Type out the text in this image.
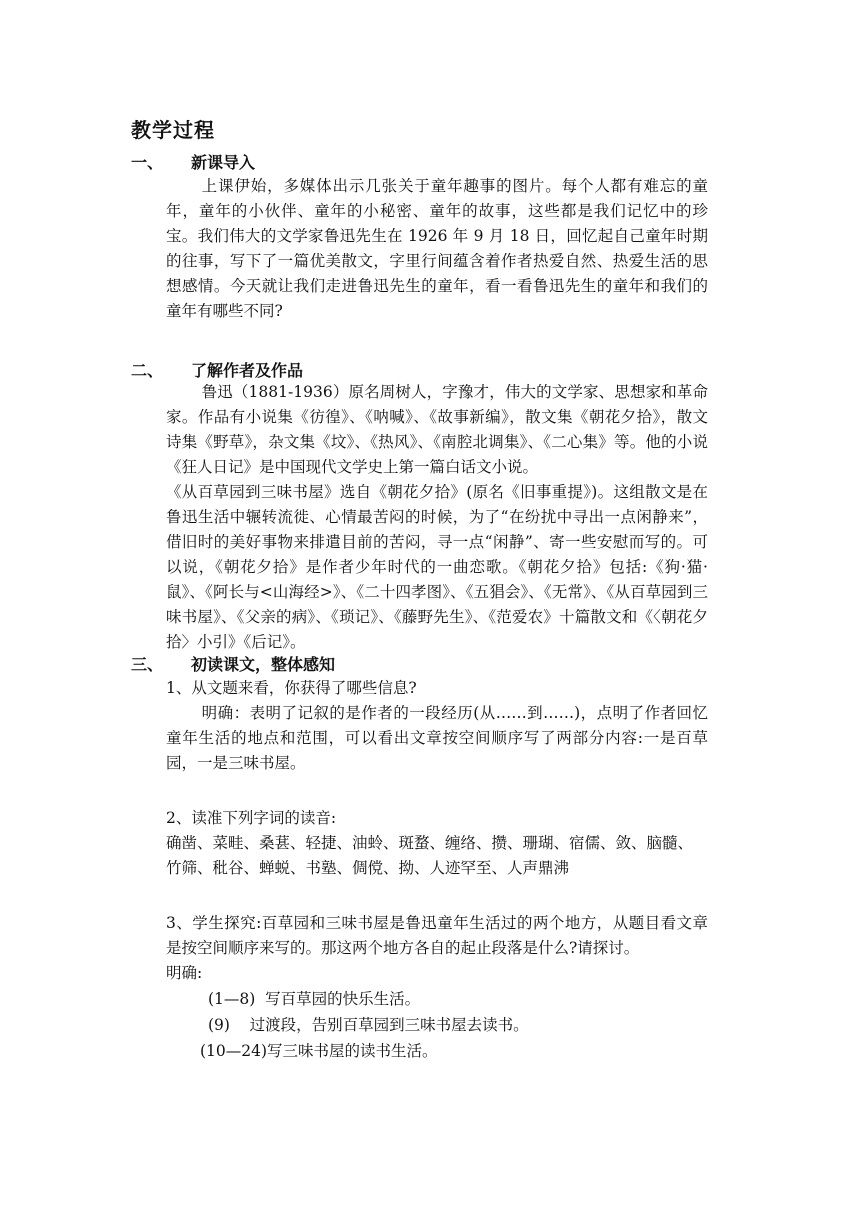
教学过程
一、 新课导入
上课伊始，多媒体出示几张关于童年趣事的图片。每个人都有难忘的童年，童年的小伙伴、童年的小秘密、童年的故事，这些都是我们记忆中的珍宝。我们伟大的文学家鲁迅先生在 1926 年 9 月 18 日，回忆起自己童年时期的往事，写下了一篇优美散文，字里行间蕴含着作者热爱自然、热爱生活的思想感情。今天就让我们走进鲁迅先生的童年，看一看鲁迅先生的童年和我们的童年有哪些不同?
二、 了解作者及作品
鲁迅（1881-1936）原名周树人，字豫才，伟大的文学家、思想家和革命家。作品有小说集《彷徨》、《呐喊》、《故事新编》，散文集《朝花夕拾》，散文诗集《野草》，杂文集《坟》、《热风》、《南腔北调集》、《二心集》等。他的小说《狂人日记》是中国现代文学史上第一篇白话文小说。
《从百草园到三味书屋》选自《朝花夕拾》(原名《旧事重提》)。这组散文是在鲁迅生活中辗转流徙、心情最苦闷的时候，为了“在纷扰中寻出一点闲静来”，借旧时的美好事物来排遣目前的苦闷，寻一点“闲静”、寄一些安慰而写的。可以说，《朝花夕拾》是作者少年时代的一曲恋歌。《朝花夕拾》包括:《狗·猫·鼠》、《阿长与<山海经>》、《二十四孝图》、《五猖会》、《无常》、《从百草园到三味书屋》、《父亲的病》、《琐记》、《藤野先生》、《范爱农》十篇散文和《〈朝花夕拾〉小引》《后记》。
三、 初读课文，整体感知
1、从文题来看，你获得了哪些信息?
明确：表明了记叙的是作者的一段经历(从……到……)，点明了作者回忆童年生活的地点和范围，可以看出文章按空间顺序写了两部分内容:一是百草园，一是三味书屋。
2、读准下列字词的读音:
确凿、菜畦、桑葚、轻捷、油蛉、斑蝥、缠络、攒、珊瑚、宿儒、敛、脑髓、
竹筛、秕谷、蝉蜕、书塾、倜傥、拗、人迹罕至、人声鼎沸
3、学生探究:百草园和三味书屋是鲁迅童年生活过的两个地方，从题目看文章是按空间顺序来写的。那这两个地方各自的起止段落是什么?请探讨。
明确:
(1—8)  写百草园的快乐生活。
(9)    过渡段，告别百草园到三味书屋去读书。
(10—24)写三味书屋的读书生活。
